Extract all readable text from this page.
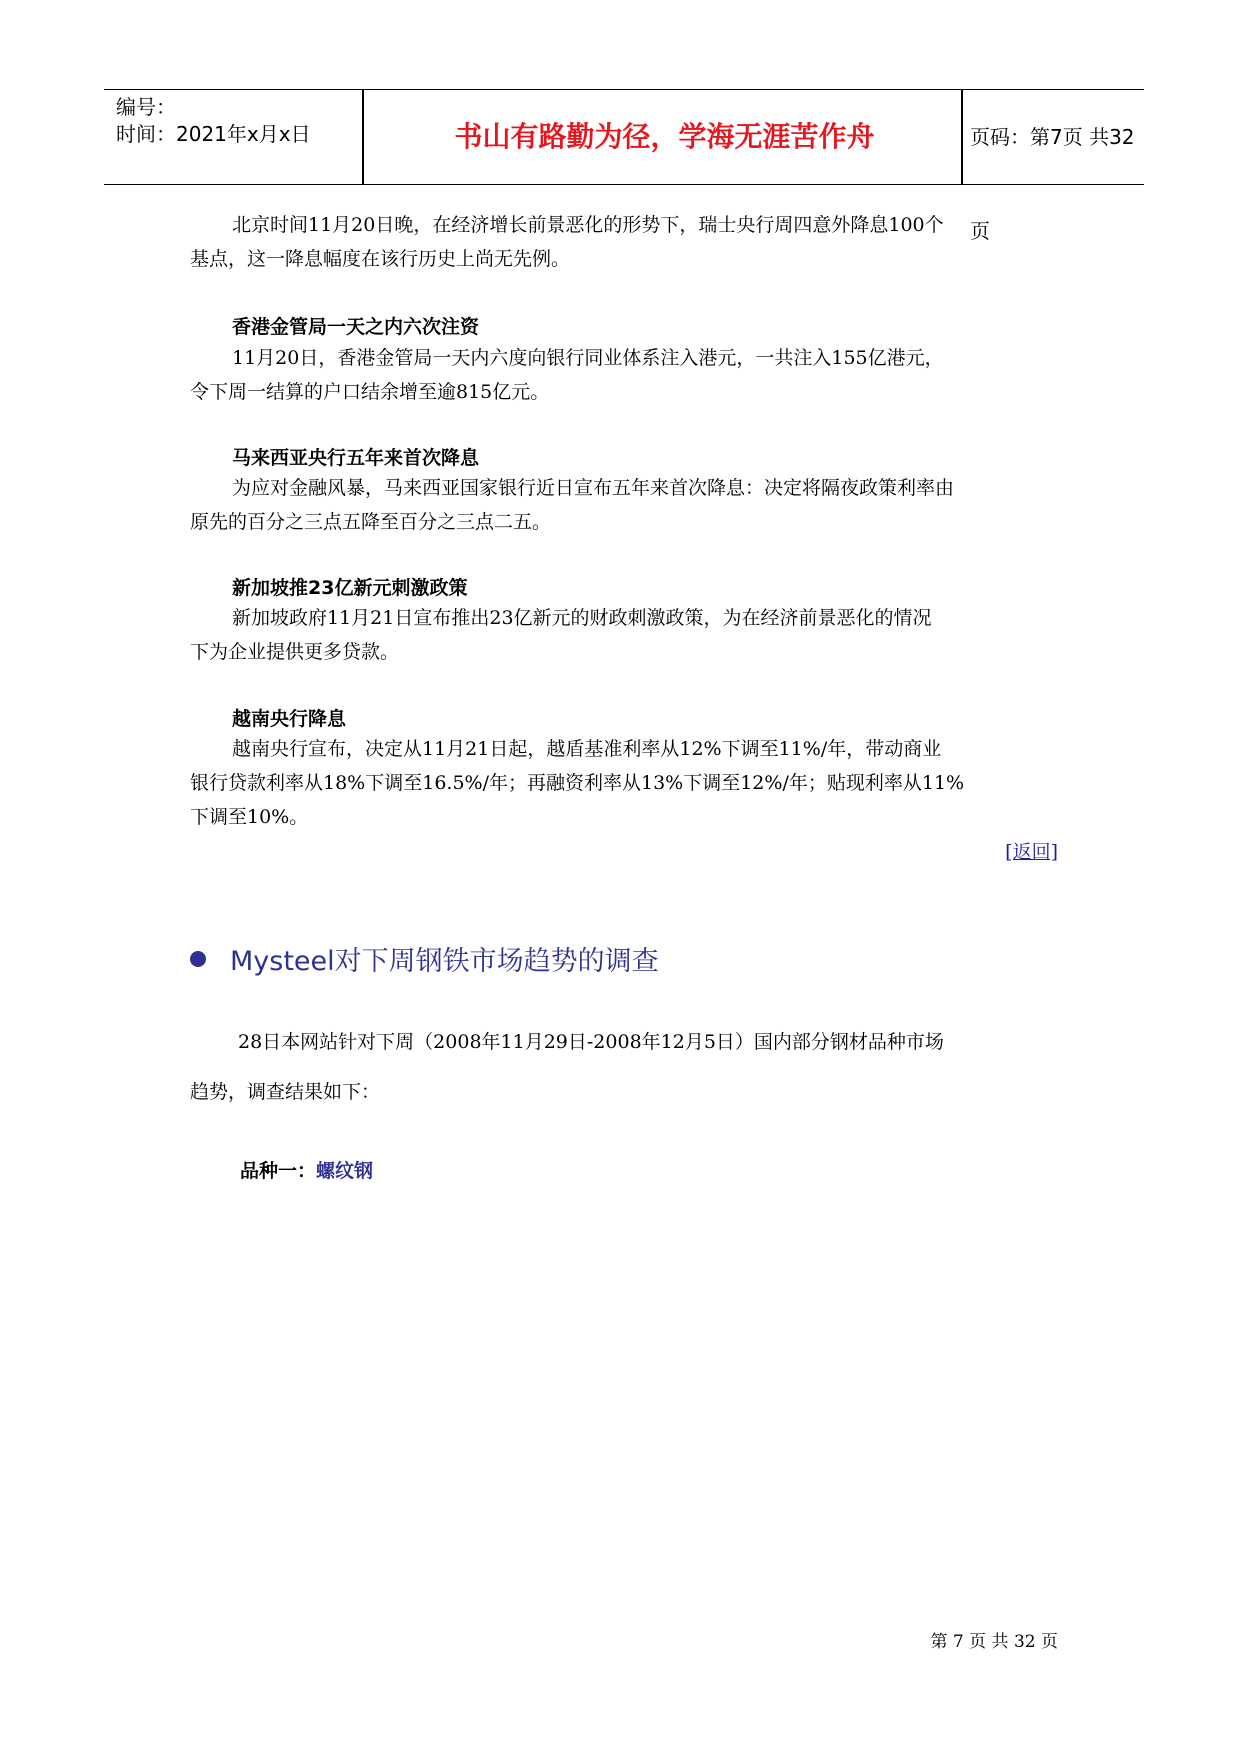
编号：
时间：2021年x月x日	书山有路勤为径，学海无涯苦作舟	页码：第7页 共32页
北京时间11月20日晚，在经济增长前景恶化的形势下，瑞士央行周四意外降息100个
基点，这一降息幅度在该行历史上尚无先例。
香港金管局一天之内六次注资
11月20日，香港金管局一天内六度向银行同业体系注入港元，一共注入155亿港元，
令下周一结算的户口结余增至逾815亿元。
马来西亚央行五年来首次降息
为应对金融风暴，马来西亚国家银行近日宣布五年来首次降息：决定将隔夜政策利率由
原先的百分之三点五降至百分之三点二五。
新加坡推23亿新元刺激政策
新加坡政府11月21日宣布推出23亿新元的财政刺激政策，为在经济前景恶化的情况
下为企业提供更多贷款。
越南央行降息
越南央行宣布，决定从11月21日起，越盾基准利率从12%下调至11%/年，带动商业
银行贷款利率从18%下调至16.5%/年；再融资利率从13%下调至12%/年；贴现利率从11%
下调至10%。
[返回]
Mysteel对下周钢铁市场趋势的调查
28日本网站针对下周（2008年11月29日-2008年12月5日）国内部分钢材品种市场
趋势，调查结果如下：
品种一：螺纹钢
第 7 页 共 32 页
